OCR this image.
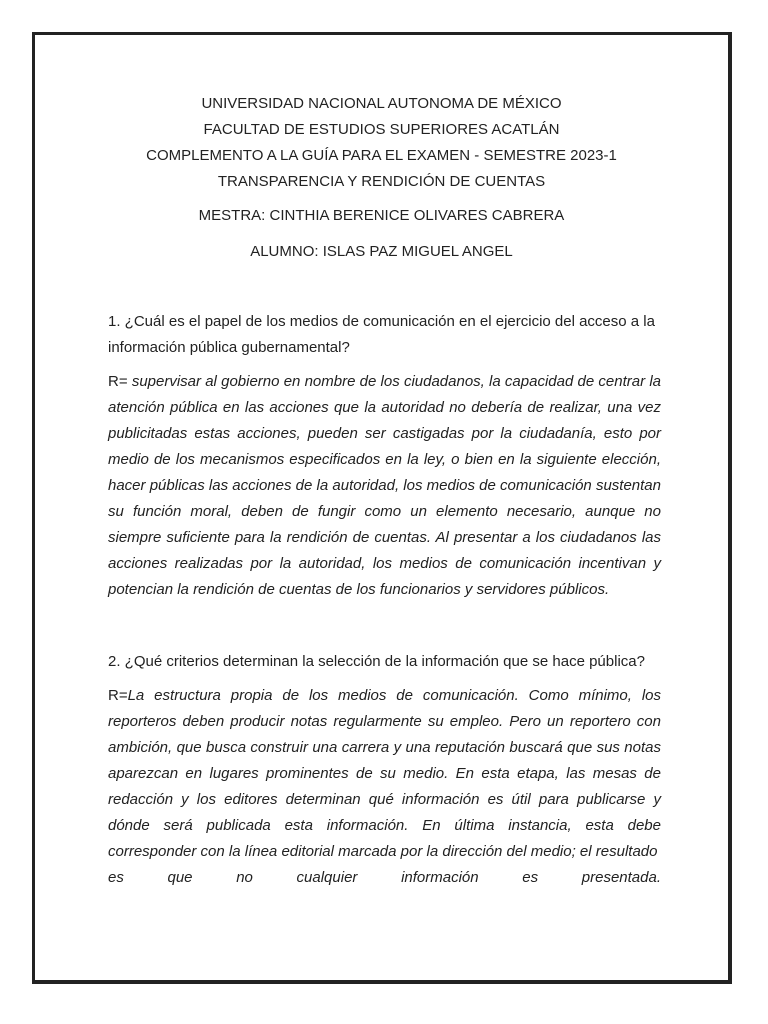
UNIVERSIDAD NACIONAL AUTONOMA DE MÉXICO
FACULTAD DE ESTUDIOS SUPERIORES ACATLÁN
COMPLEMENTO A LA GUÍA PARA EL EXAMEN - SEMESTRE 2023-1
TRANSPARENCIA Y RENDICIÓN DE CUENTAS
MESTRA: CINTHIA BERENICE OLIVARES CABRERA
ALUMNO: ISLAS PAZ MIGUEL ANGEL
1. ¿Cuál es el papel de los medios de comunicación en el ejercicio del acceso a la información pública gubernamental?
R= supervisar al gobierno en nombre de los ciudadanos, la capacidad de centrar la atención pública en las acciones que la autoridad no debería de realizar, una vez publicitadas estas acciones, pueden ser castigadas por la ciudadanía, esto por medio de los mecanismos especificados en la ley, o bien en la siguiente elección, hacer públicas las acciones de la autoridad, los medios de comunicación sustentan su función moral, deben de fungir como un elemento necesario, aunque no siempre suficiente para la rendición de cuentas. Al presentar a los ciudadanos las acciones realizadas por la autoridad, los medios de comunicación incentivan y potencian la rendición de cuentas de los funcionarios y servidores públicos.
2. ¿Qué criterios determinan la selección de la información que se hace pública?
R=La estructura propia de los medios de comunicación. Como mínimo, los reporteros deben producir notas regularmente su empleo. Pero un reportero con ambición, que busca construir una carrera y una reputación buscará que sus notas aparezcan en lugares prominentes de su medio. En esta etapa, las mesas de redacción y los editores determinan qué información es útil para publicarse y dónde será publicada esta información. En última instancia, esta debe corresponder con la línea editorial marcada por la dirección del medio; el resultado
es	que	no	cualquier	información	es	presentada.
